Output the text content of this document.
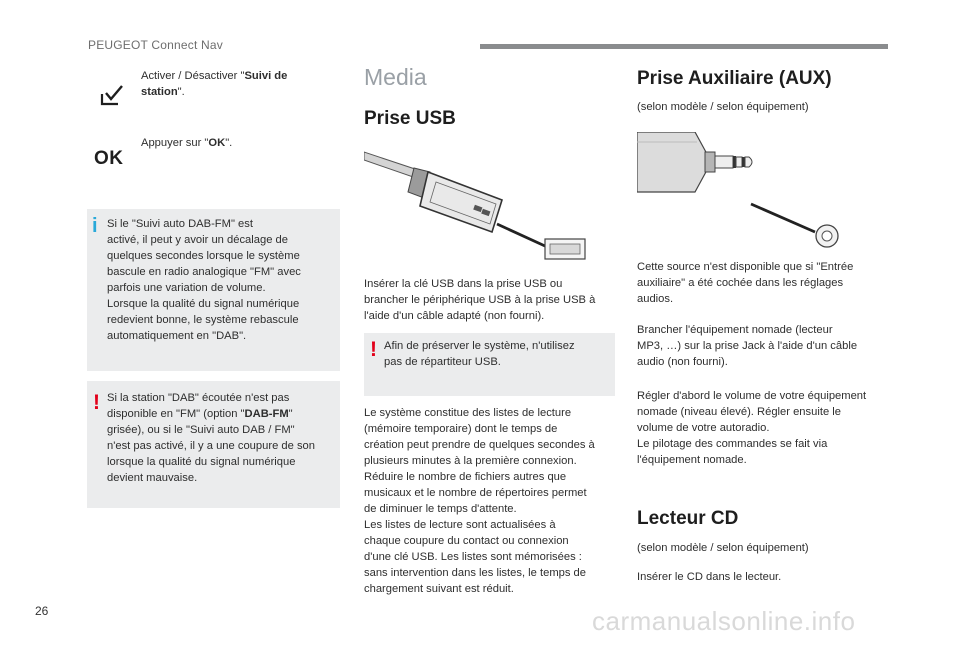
PEUGEOT Connect Nav
Activer / Désactiver "Suivi de
station".
OK
Appuyer sur "OK".
i Si le "Suivi auto DAB-FM" est
activé, il peut y avoir un décalage de
quelques secondes lorsque le système
bascule en radio analogique "FM" avec
parfois une variation de volume.
Lorsque la qualité du signal numérique
redevient bonne, le système rebascule
automatiquement en "DAB".
! Si la station "DAB" écoutée n'est pas
disponible en "FM" (option "DAB-FM"
grisée), ou si le "Suivi auto DAB / FM"
n'est pas activé, il y a une coupure de son
lorsque la qualité du signal numérique
devient mauvaise.
Media
Prise USB
Insérer la clé USB dans la prise USB ou
brancher le périphérique USB à la prise USB à
l'aide d'un câble adapté (non fourni).
! Afin de préserver le système, n'utilisez
pas de répartiteur USB.
Le système constitue des listes de lecture
(mémoire temporaire) dont le temps de
création peut prendre de quelques secondes à
plusieurs minutes à la première connexion.
Réduire le nombre de fichiers autres que
musicaux et le nombre de répertoires permet
de diminuer le temps d'attente.
Les listes de lecture sont actualisées à
chaque coupure du contact ou connexion
d'une clé USB. Les listes sont mémorisées :
sans intervention dans les listes, le temps de
chargement suivant est réduit.
Prise Auxiliaire (AUX)
(selon modèle / selon équipement)
Cette source n'est disponible que si "Entrée
auxiliaire" a été cochée dans les réglages
audios.
Brancher l'équipement nomade (lecteur
MP3, …) sur la prise Jack à l'aide d'un câble
audio (non fourni).
Régler d'abord le volume de votre équipement
nomade (niveau élevé). Régler ensuite le
volume de votre autoradio.
Le pilotage des commandes se fait via
l'équipement nomade.
Lecteur CD
(selon modèle / selon équipement)
Insérer le CD dans le lecteur.
26	carmanualsonline.info
